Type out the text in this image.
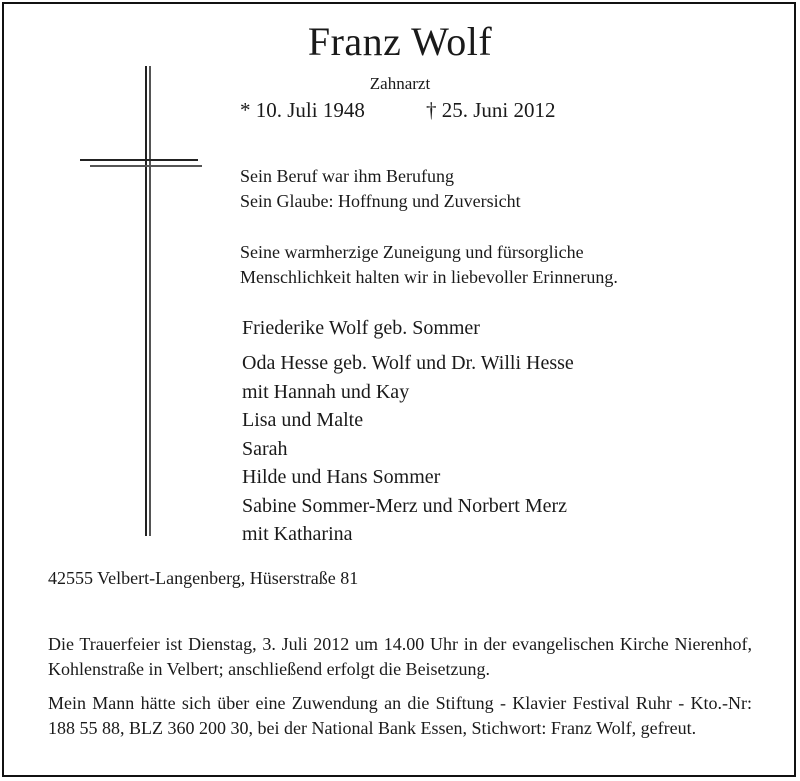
Franz Wolf
Zahnarzt
* 10. Juli 1948	† 25. Juni 2012
Sein Beruf war ihm Berufung
Sein Glaube: Hoffnung und Zuversicht
Seine warmherzige Zuneigung und fürsorgliche
Menschlichkeit halten wir in liebevoller Erinnerung.
Friederike Wolf geb. Sommer
Oda Hesse geb. Wolf und Dr. Willi Hesse
mit Hannah und Kay
Lisa und Malte
Sarah
Hilde und Hans Sommer
Sabine Sommer-Merz und Norbert Merz
mit Katharina
42555 Velbert-Langenberg, Hüserstraße 81
Die Trauerfeier ist Dienstag, 3. Juli 2012 um 14.00 Uhr in der evangelischen Kirche Nierenhof, Kohlenstraße in Velbert; anschließend erfolgt die Beisetzung.
Mein Mann hätte sich über eine Zuwendung an die Stiftung - Klavier Festival Ruhr - Kto.-Nr: 188 55 88, BLZ 360 200 30, bei der National Bank Essen, Stichwort: Franz Wolf, gefreut.
